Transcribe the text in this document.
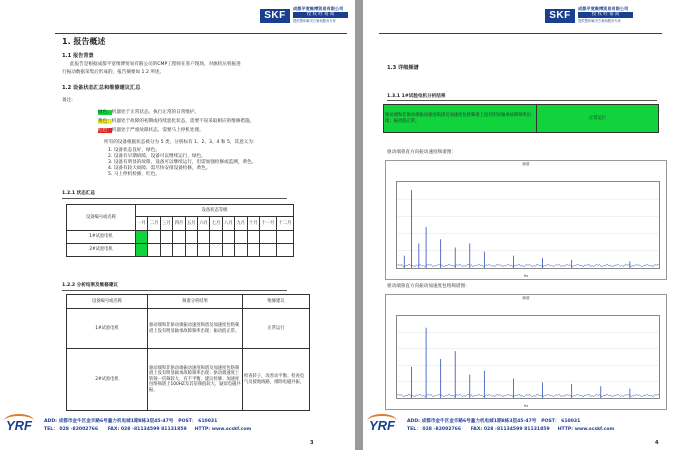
SKF
成都平宽维博贸易有限公司
授 权 经 销 商
提供整体解决方案和服务专家
1. 报告概述
1.1 报告背景
此报告是根据成都平宽维博贸易有限公司的CMP工程师在客户现场，对旗机压机振进
行振动数据采集后形成的，报告摘要如 1.2 所述。
1.2 设备状态汇总和维修建议汇总
备注:
绿色：机器处于正常状态，执行正常的日常维护。
黄色：机器处于故障的初期或持续恶化状态，需要不误采取相应的维修措施。
红色：机器处于严重故障状态，需要马上停机处理。
所有的设备根据状态被分为 5 类，分别标有 1、2、3、4 和 5，其意义为：
1. 设备状态良好，绿色。
2. 设备有早期故障，设备可以继续运行，绿色。
3. 设备有明显的故障，设备可以继续运行，但需加强检修或监测，黄色。
4. 设备有较大故障，需尽快安排设备检修，黄色。
5. 马上停机检修，红色。
1.2.1 状态汇总
设备编号或名称	设备状态等级											
	一月	二月	三月	四月	五月	六月	七月	八月	九月	十月	十一月	十二月
1#试验电机												
2#试验电机												
1.2.2 分析结果及维修建议
设备编号或名称	频谱分析结果	维修建议
1#试验电机	驱动端和非驱动端振动速度频谱及加速度包络频谱上没有明显轴承故障频率出现；振动值正常。	正常运行
2#试验电机	驱动端和非驱动端振动速度频谱及加速度包络频谱上没有明显轴承故障频率出现；驱动端速度上转频一倍频较大，有不平衡，建议检修；加速度包络频谱上100HZ及其倍频值较大，疑似电磁共振。	检查转子，改善动平衡；检查电气及接地线路，排除电磁共振。
YRF	ADD: 成都市金牛区金丰路6号量力机电城1期8栋3层45-47号 POST： 610031
TEL： 028 -82002766 FAX: 028 -81134599 81131859 HTTP: www.scskf.com
3
SKF
成都平宽维博贸易有限公司
授 权 经 销 商
提供整体解决方案和服务专家
1.3 详细频谱
1.3.1 1#试验电机分析结果
驱动端和非驱动端振动速度频谱及加速度包络频谱上没有明显轴承故障频率出现；振动值正常。	正常运行
驱动端垂直方向振动速度频谱图：
频谱
Hz
驱动端垂直方向振动加速度包络频谱图：
频谱
Hz
YRF	ADD: 成都市金牛区金丰路6号量力机电城1期8栋3层45-47号 POST： 610031
TEL： 028 -82002766 FAX: 028 -81134599 81131859 HTTP: www.scskf.com
4
